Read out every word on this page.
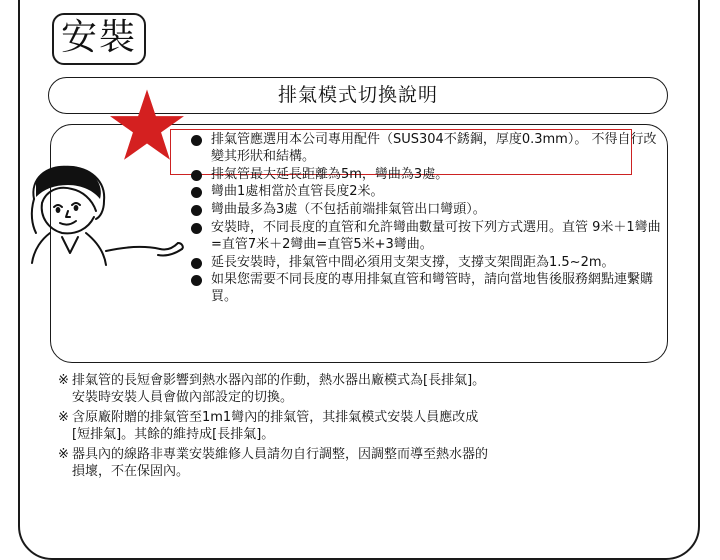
安裝
排氣模式切換說明
排氣管應選用本公司專用配件（SUS304不銹鋼，厚度0.3mm）。 不得自行改變其形狀和結構。
排氣管最大延長距離為5m，彎曲為3處。
彎曲1處相當於直管長度2米。
彎曲最多為3處（不包括前端排氣管出口彎頭）。
安裝時，不同長度的直管和允許彎曲數量可按下列方式選用。直管 9米＋1彎曲=直管7米＋2彎曲=直管5米+3彎曲。
延長安裝時，排氣管中間必須用支架支撐，支撐支架間距為1.5~2m。
如果您需要不同長度的專用排氣直管和彎管時，請向當地售後服務網點連繫購買。
※ 排氣管的長短會影響到熱水器內部的作動，熱水器出廠模式為[長排氣]。
安裝時安裝人員會做內部設定的切換。
※ 含原廠附贈的排氣管至1m1彎內的排氣管，其排氣模式安裝人員應改成
[短排氣]。其餘的維持成[長排氣]。
※ 器具內的線路非專業安裝維修人員請勿自行調整，因調整而導至熱水器的
損壞，不在保固內。
